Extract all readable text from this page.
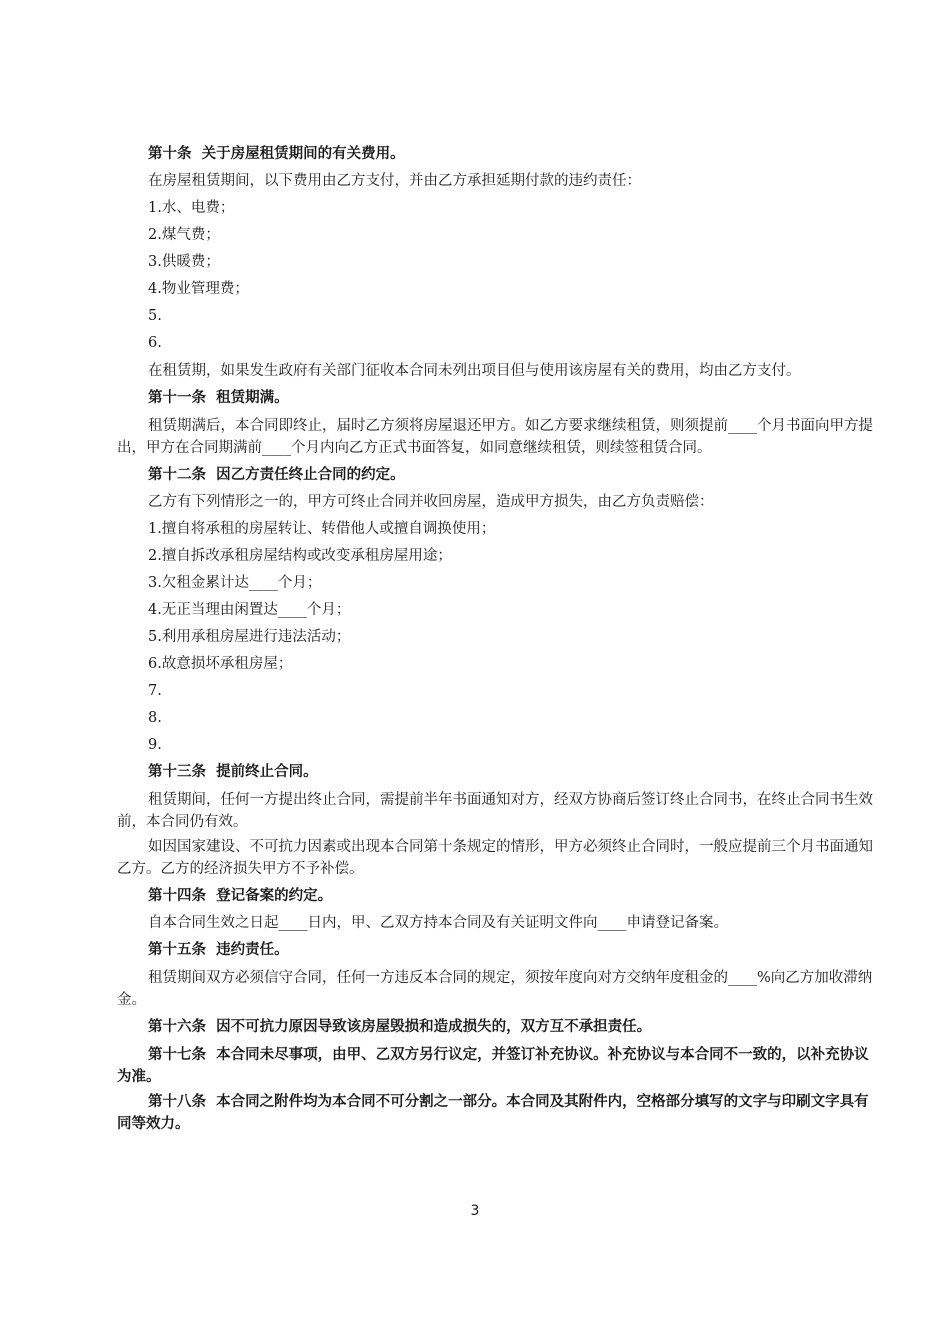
第十条  关于房屋租赁期间的有关费用。

在房屋租赁期间，以下费用由乙方支付，并由乙方承担延期付款的违约责任：

1.水、电费；

2.煤气费；

3.供暖费；

4.物业管理费；

5.

6.

在租赁期，如果发生政府有关部门征收本合同未列出项目但与使用该房屋有关的费用，均由乙方支付。

第十一条  租赁期满。

租赁期满后，本合同即终止，届时乙方须将房屋退还甲方。如乙方要求继续租赁，则须提前____个月书面向甲方提出，甲方在合同期满前____个月内向乙方正式书面答复，如同意继续租赁，则续签租赁合同。

第十二条  因乙方责任终止合同的约定。

乙方有下列情形之一的，甲方可终止合同并收回房屋，造成甲方损失，由乙方负责赔偿：

1.擅自将承租的房屋转让、转借他人或擅自调换使用；

2.擅自拆改承租房屋结构或改变承租房屋用途；

3.欠租金累计达____个月；

4.无正当理由闲置达____个月；

5.利用承租房屋进行违法活动；

6.故意损坏承租房屋；

7.

8.

9.

第十三条  提前终止合同。

租赁期间，任何一方提出终止合同，需提前半年书面通知对方，经双方协商后签订终止合同书，在终止合同书生效前，本合同仍有效。

如因国家建设、不可抗力因素或出现本合同第十条规定的情形，甲方必须终止合同时，一般应提前三个月书面通知乙方。乙方的经济损失甲方不予补偿。

第十四条  登记备案的约定。

自本合同生效之日起____日内，甲、乙双方持本合同及有关证明文件向____申请登记备案。

第十五条  违约责任。

租赁期间双方必须信守合同，任何一方违反本合同的规定，须按年度向对方交纳年度租金的____%向乙方加收滞纳金。

第十六条  因不可抗力原因导致该房屋毁损和造成损失的，双方互不承担责任。

第十七条  本合同未尽事项，由甲、乙双方另行议定，并签订补充协议。补充协议与本合同不一致的，以补充协议为准。

第十八条  本合同之附件均为本合同不可分割之一部分。本合同及其附件内，空格部分填写的文字与印刷文字具有同等效力。

3
